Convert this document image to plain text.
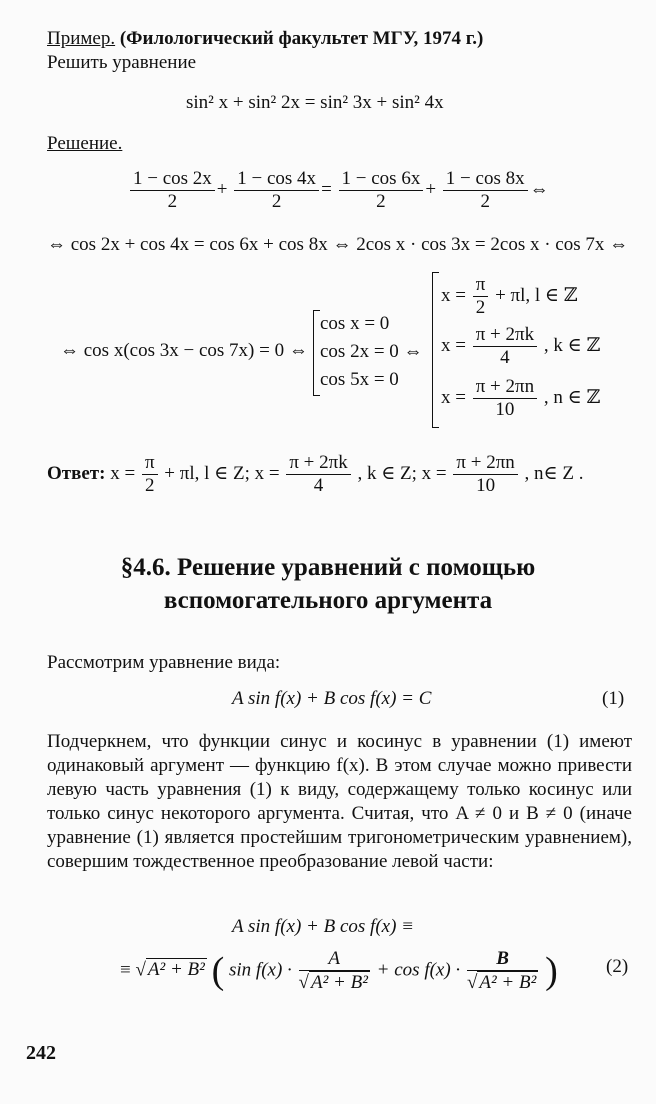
Пример. (Филологический факультет МГУ, 1974 г.)
Решить уравнение
sin² x + sin² 2x = sin² 3x + sin² 4x
Решение.
$\frac{1 - \cos 2x}{2} + \frac{1 - \cos 4x}{2} = \frac{1 - \cos 6x}{2} + \frac{1 - \cos 8x}{2}$ ⇔
⇔ cos 2x + cos 4x = cos 6x + cos 8x ⇔ 2cos x · cos 3x = 2cos x · cos 7x ⇔
⇔ cos x(cos 3x − cos 7x) = 0 ⇔
cos x = 0
cos 2x = 0 ⇔
cos 5x = 0
$x = \frac{\pi}{2} + \pi l$, l ∈ ℤ
$x = \frac{\pi + 2\pi k}{4}$ , k ∈ ℤ
$x = \frac{\pi + 2\pi n}{10}$ , n ∈ ℤ
Ответ: $x = \frac{\pi}{2} + \pi l$, l ∈ Z; $x = \frac{\pi + 2\pi k}{4}$ , k ∈ Z; $x = \frac{\pi + 2\pi n}{10}$ , n∈ Z .
§4.6. Решение уравнений с помощью
вспомогательного аргумента
Рассмотрим уравнение вида:
A sin f(x) + B cos f(x) = C	(1)
Подчеркнем, что функции синус и косинус в уравнении (1) имеют одинаковый аргумент — функцию f(x). В этом случае можно привести левую часть уравнения (1) к виду, содержащему только косинус или только синус некоторого аргумента. Считая, что A ≠ 0 и B ≠ 0 (иначе уравнение (1) является простейшим тригонометрическим уравнением), совершим тождественное преобразование левой части:
A sin f(x) + B cos f(x) ≡
≡ √ A² + B² ( $\sin f(x) \cdot \frac{A}{\text{√ A² + B²}} + \cos f(x) \cdot \frac{B}{\text{√ A² + B²}}$ )	(2)
242
